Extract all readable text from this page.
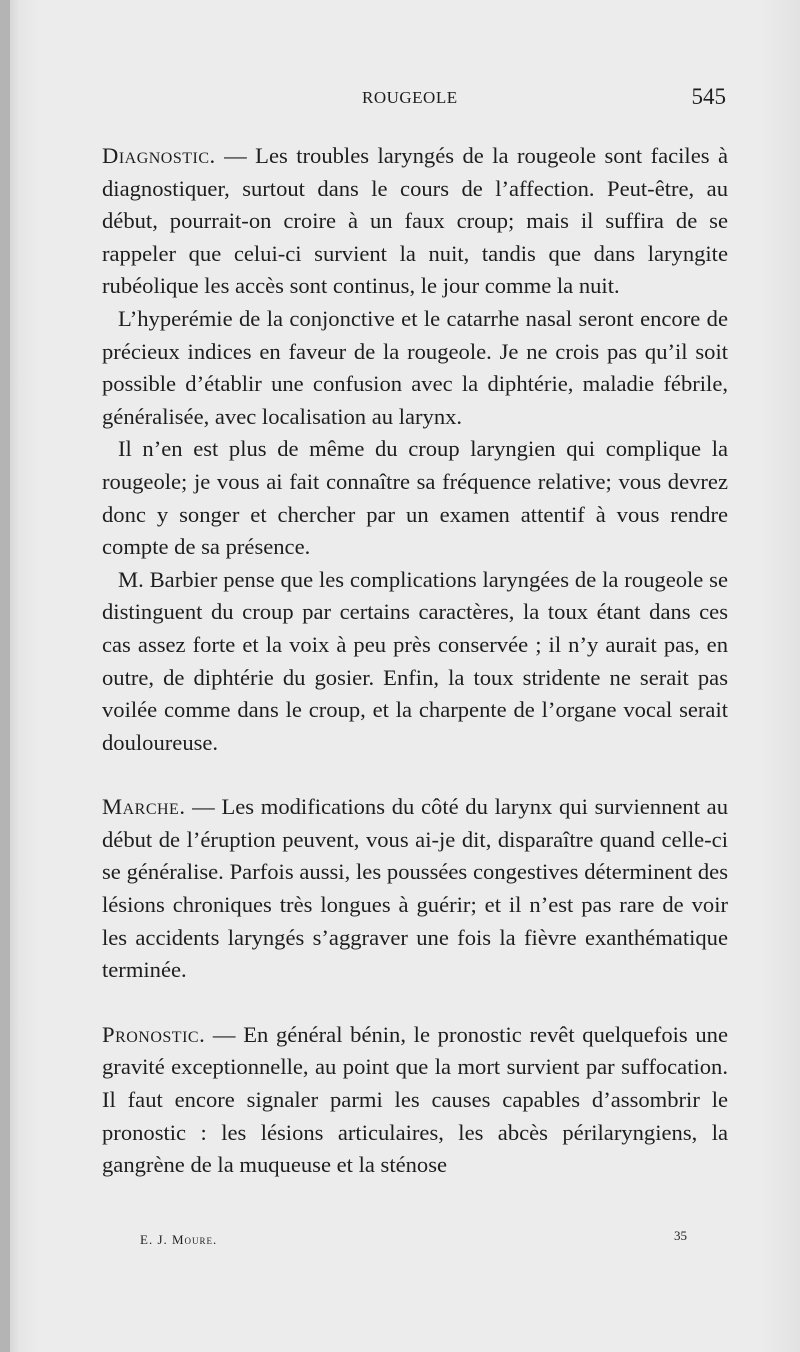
ROUGEOLE	545

Diagnostic. — Les troubles laryngés de la rougeole sont faciles à diagnostiquer, surtout dans le cours de l’affection. Peut-être, au début, pourrait-on croire à un faux croup; mais il suffira de se rappeler que celui-ci survient la nuit, tandis que dans laryngite rubéolique les accès sont continus, le jour comme la nuit.

L’hyperémie de la conjonctive et le catarrhe nasal seront encore de précieux indices en faveur de la rougeole. Je ne crois pas qu’il soit possible d’établir une confusion avec la diphtérie, maladie fébrile, généralisée, avec localisation au larynx.

Il n’en est plus de même du croup laryngien qui complique la rougeole; je vous ai fait connaître sa fréquence relative; vous devrez donc y songer et chercher par un examen attentif à vous rendre compte de sa présence.

M. Barbier pense que les complications laryngées de la rougeole se distinguent du croup par certains caractères, la toux étant dans ces cas assez forte et la voix à peu près conservée ; il n’y aurait pas, en outre, de diphtérie du gosier. Enfin, la toux stridente ne serait pas voilée comme dans le croup, et la charpente de l’organe vocal serait douloureuse.

Marche. — Les modifications du côté du larynx qui surviennent au début de l’éruption peuvent, vous ai-je dit, disparaître quand celle-ci se généralise. Parfois aussi, les poussées congestives déterminent des lésions chroniques très longues à guérir; et il n’est pas rare de voir les accidents laryngés s’aggraver une fois la fièvre exanthématique terminée.

Pronostic. — En général bénin, le pronostic revêt quelquefois une gravité exceptionnelle, au point que la mort survient par suffocation. Il faut encore signaler parmi les causes capables d’assombrir le pronostic : les lésions articulaires, les abcès périlaryngiens, la gangrène de la muqueuse et la sténose

E. J. Moure.	35
